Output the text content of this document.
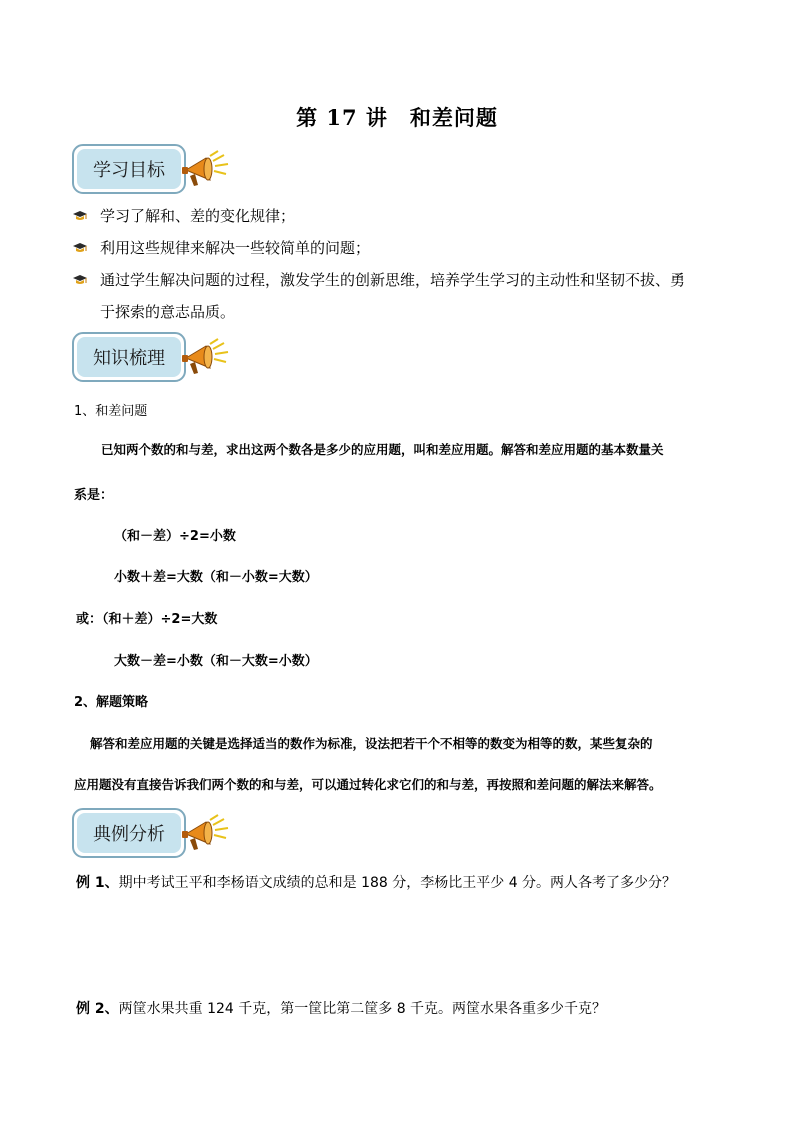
第 17 讲　和差问题
学习目标
学习了解和、差的变化规律；
利用这些规律来解决一些较简单的问题；
通过学生解决问题的过程，激发学生的创新思维，培养学生学习的主动性和坚韧不拔、勇
于探索的意志品质。
知识梳理
1、和差问题
已知两个数的和与差，求出这两个数各是多少的应用题，叫和差应用题。解答和差应用题的基本数量关
系是：
（和－差）÷2=小数
小数＋差=大数（和－小数=大数）
或：（和＋差）÷2=大数
大数－差=小数（和－大数=小数）
2、解题策略
解答和差应用题的关键是选择适当的数作为标准，设法把若干个不相等的数变为相等的数，某些复杂的
应用题没有直接告诉我们两个数的和与差，可以通过转化求它们的和与差，再按照和差问题的解法来解答。
典例分析
例 1、期中考试王平和李杨语文成绩的总和是 188 分，李杨比王平少 4 分。两人各考了多少分？
例 2、两筐水果共重 124 千克，第一筐比第二筐多 8 千克。两筐水果各重多少千克？
